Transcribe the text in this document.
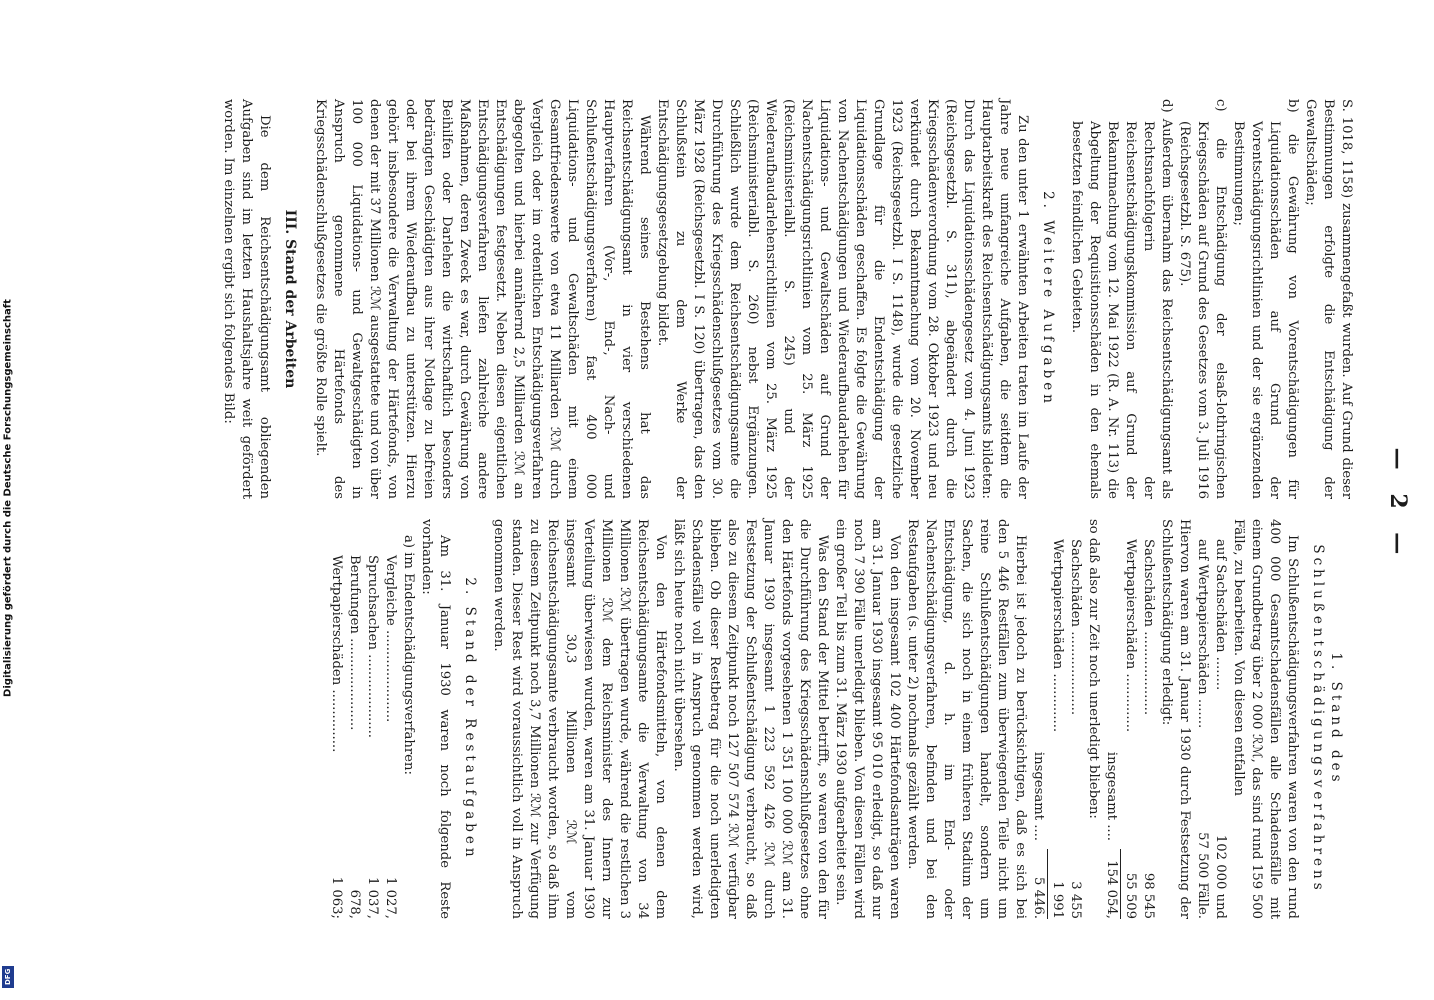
Digitalisierung gefördert durch die Deutsche Forschungsgemeinschaft
DFG
— 2 —

S. 1018, 1158) zusammengefaßt wurden. Auf Grund dieser Bestimmungen erfolgte die Entschädigung der Gewaltschäden;

b) die Gewährung von Vorentschädigungen für Liquidationsschäden auf Grund der Vorentschädigungsrichtlinien und der sie ergänzenden Bestimmungen;

c) die Entschädigung der elsaß-lothringischen Kriegsschäden auf Grund des Gesetzes vom 3. Juli 1916 (Reichsgesetzbl. S. 675).

d) Außerdem übernahm das Reichsentschädigungsamt als Rechtsnachfolgerin der Reichsentschädigungskommission auf Grund der Bekanntmachung vom 12. Mai 1922 (R. A. Nr. 113) die Abgeltung der Requisitionsschäden in den ehemals besetzten feindlichen Gebieten.

2. Weitere Aufgaben

Zu den unter 1 erwähnten Arbeiten traten im Laufe der Jahre neue umfangreiche Aufgaben, die seitdem die Hauptarbeitskraft des Reichsentschädigungsamts bildeten: Durch das Liquidationsschädengesetz vom 4. Juni 1923 (Reichsgesetzbl. S. 311), abgeändert durch die Kriegsschädenverordnung vom 28. Oktober 1923 und neu verkündet durch Bekanntmachung vom 20. November 1923 (Reichsgesetzbl. I S. 1148), wurde die gesetzliche Grundlage für die Endentschädigung der Liquidationsschäden geschaffen. Es folgte die Gewährung von Nachentschädigungen und Wiederaufbaudarlehen für Liquidations- und Gewaltschäden auf Grund der Nachentschädigungsrichtlinien vom 25. März 1925 (Reichsministerialbl. S. 245) und der Wiederaufbaudarlehensrichtlinien vom 25. März 1925 (Reichsministerialbl. S. 260) nebst Ergänzungen. Schließlich wurde dem Reichsentschädigungsamte die Durchführung des Kriegsschädenschlußgesetzes vom 30. März 1928 (Reichsgesetzbl. I S. 120) übertragen, das den Schlußstein zu dem Werke der Entschädigungsgesetzgebung bildet.

Während seines Bestehens hat das Reichsentschädigungsamt in vier verschiedenen Hauptverfahren (Vor-, End-, Nach- und Schlußentschädigungsverfahren) fast 400 000 Liquidations- und Gewaltschäden mit einem Gesamtfriedenswerte von etwa 11 Milliarden ℛℳ durch Vergleich oder im ordentlichen Entschädigungsverfahren abgegolten und hierbei annähernd 2,5 Milliarden ℛℳ an Entschädigungen festgesetzt. Neben diesen eigentlichen Entschädigungsverfahren liefen zahlreiche andere Maßnahmen, deren Zweck es war, durch Gewährung von Beihilfen oder Darlehen die wirtschaftlich besonders bedrängten Geschädigten aus ihrer Notlage zu befreien oder bei ihrem Wiederaufbau zu unterstützen. Hierzu gehört insbesondere die Verwaltung der Härtefonds, von denen der mit 37 Millionen ℛℳ ausgestattete und von über 100 000 Liquidations- und Gewaltgeschädigten in Anspruch genommene Härtefonds des Kriegsschädenschlußgesetzes die größte Rolle spielt.

III. Stand der Arbeiten

Die dem Reichsentschädigungsamt obliegenden Aufgaben sind im letzten Haushaltsjahre weit gefördert worden. Im einzelnen ergibt sich folgendes Bild:

1. Stand des Schlußentschädigungsverfahrens

Im Schlußentschädigungsverfahren waren von den rund 400 000 Gesamtschadensfällen alle Schadensfälle mit einem Grundbetrag über 2 000 ℛℳ, das sind rund 159 500 Fälle, zu bearbeiten. Von diesen entfallen

auf Sachschäden ........
102 000 und
auf Wertpapierschäden .......
57 500 Fälle.

Hiervon waren am 31. Januar 1930 durch Festsetzung der Schlußentschädigung erledigt:

Sachschäden ....................
98 545
Wertpapierschäden ..............
55 509
insgesamt ....
154 054,

so daß also zur Zeit noch unerledigt blieben:

Sachschäden ....................
3 455
Wertpapierschäden ..............
1 991
insgesamt ....
5 446.

Hierbei ist jedoch zu berücksichtigen, daß es sich bei den 5 446 Restfällen zum überwiegenden Teile nicht um reine Schlußentschädigungen handelt, sondern um Sachen, die sich noch in einem früheren Stadium der Entschädigung, d. h. im End- oder Nachentschädigungsverfahren, befinden und bei den Restaufgaben (s. unter 2) nochmals gezählt werden.

Von den insgesamt 102 400 Härtefondsanträgen waren am 31. Januar 1930 insgesamt 95 010 erledigt, so daß nur noch 7 390 Fälle unerledigt blieben. Von diesen Fällen wird ein großer Teil bis zum 31. März 1930 aufgearbeitet sein.

Was den Stand der Mittel betrifft, so waren von den für die Durchführung des Kriegsschädenschlußgesetzes ohne den Härtefonds vorgesehenen 1 351 100 000 ℛℳ am 31. Januar 1930 insgesamt 1 223 592 426 ℛℳ durch Festsetzung der Schlußentschädigung verbraucht, so daß also zu diesem Zeitpunkt noch 127 507 574 ℛℳ verfügbar blieben. Ob dieser Restbetrag für die noch unerledigten Schadensfälle voll in Anspruch genommen werden wird, läßt sich heute noch nicht übersehen.

Von den Härtefondsmitteln, von denen dem Reichsentschädigungsamte die Verwaltung von 34 Millionen ℛℳ übertragen wurde, während die restlichen 3 Millionen ℛℳ dem Reichsminister des Innern zur Verteilung überwiesen wurden, waren am 31. Januar 1930 insgesamt 30,3 Millionen ℛℳ vom Reichsentschädigungsamte verbraucht worden, so daß ihm zu diesem Zeitpunkt noch 3,7 Millionen ℛℳ zur Verfügung standen. Dieser Rest wird voraussichtlich voll in Anspruch genommen werden.

2. Stand der Restaufgaben

Am 31. Januar 1930 waren noch folgende Reste vorhanden:

a) im Endentschädigungsverfahren:

Vergleiche ......................
1 027,
Spruchsachen ....................
1 037,
Berufungen ......................
678,
Wertpapierschäden ...............
1 063;
